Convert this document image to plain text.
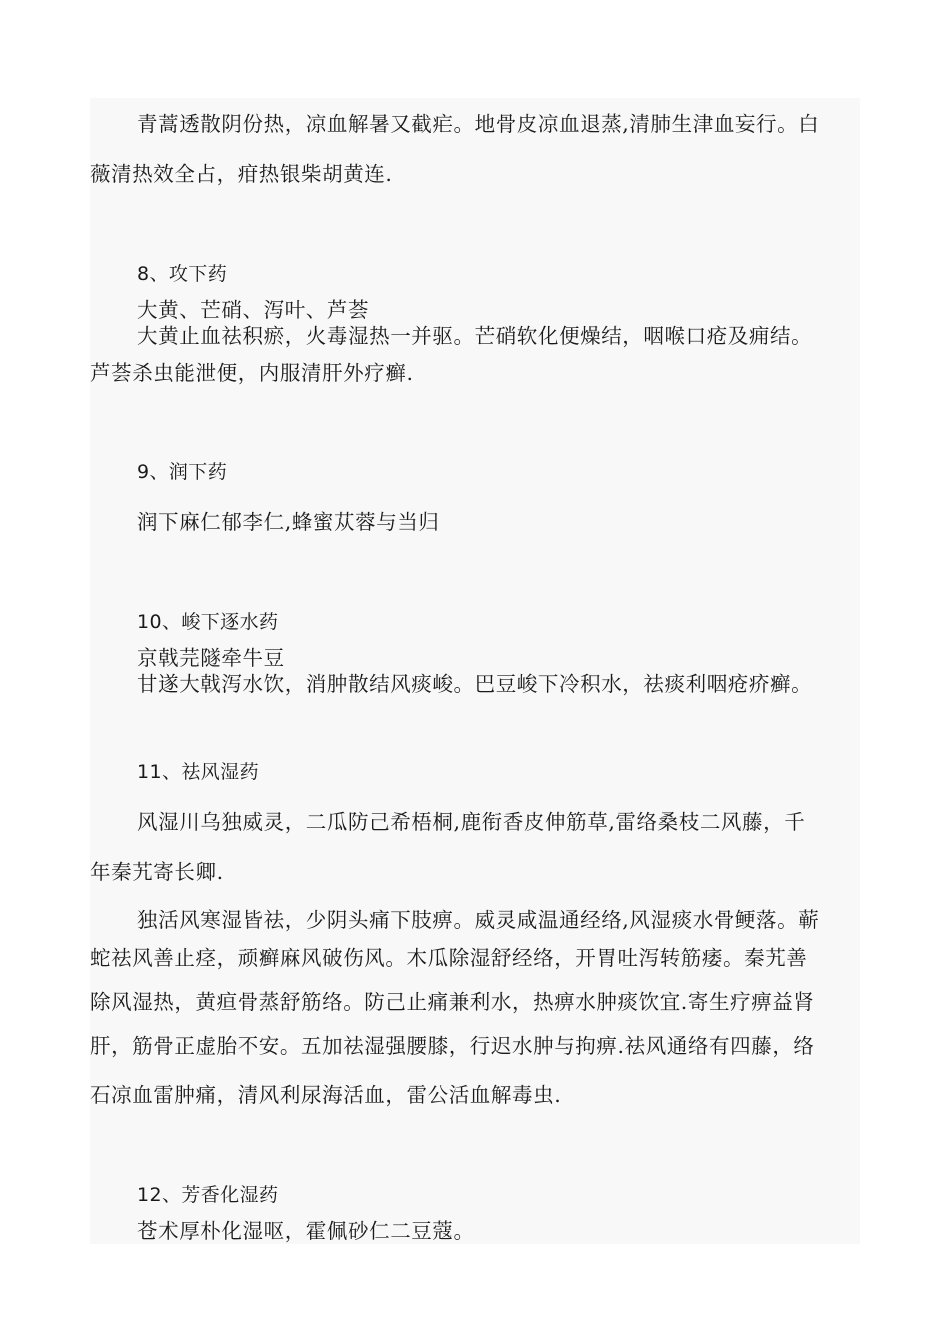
青蒿透散阴份热，凉血解暑又截疟。地骨皮凉血退蒸,清肺生津血妄行。白
薇清热效全占，疳热银柴胡黄连.
8、攻下药
大黄、芒硝、泻叶、芦荟
大黄止血祛积瘀，火毒湿热一并驱。芒硝软化便燥结，咽喉口疮及痈结。
芦荟杀虫能泄便，内服清肝外疗癣.
9、润下药
润下麻仁郁李仁,蜂蜜苁蓉与当归
10、峻下逐水药
京戟芫隧牵牛豆
甘遂大戟泻水饮，消肿散结风痰峻。巴豆峻下冷积水，祛痰利咽疮疥癣。
11、祛风湿药
风湿川乌独威灵，二瓜防己希梧桐,鹿衔香皮伸筋草,雷络桑枝二风藤，千
年秦艽寄长卿.
独活风寒湿皆祛，少阴头痛下肢痹。威灵咸温通经络,风湿痰水骨鲠落。蕲
蛇祛风善止痉，顽癣麻风破伤风。木瓜除湿舒经络，开胃吐泻转筋痿。秦艽善
除风湿热，黄疸骨蒸舒筋络。防己止痛兼利水，热痹水肿痰饮宜.寄生疗痹益肾
肝，筋骨正虚胎不安。五加祛湿强腰膝，行迟水肿与拘痹.祛风通络有四藤，络
石凉血雷肿痛，清风利尿海活血，雷公活血解毒虫.
12、芳香化湿药
苍术厚朴化湿呕，霍佩砂仁二豆蔻。
